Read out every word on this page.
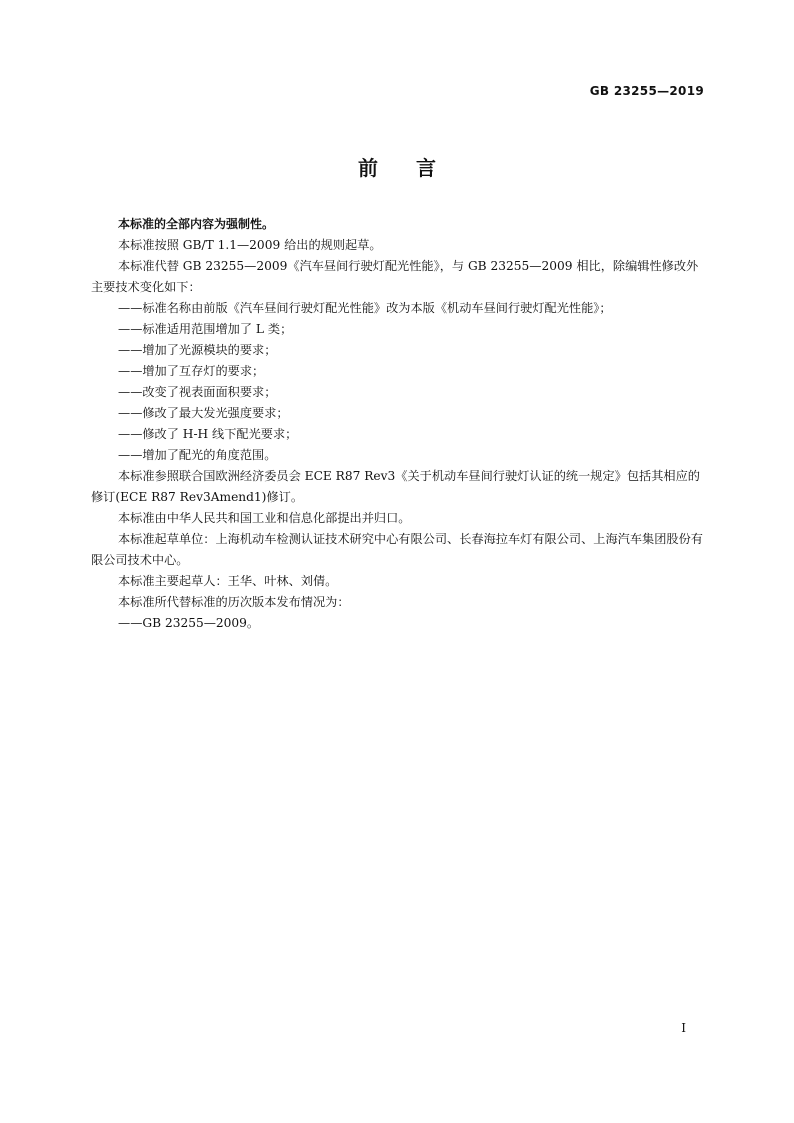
GB 23255—2019
前言

本标准的全部内容为强制性。

本标准按照 GB/T 1.1—2009 给出的规则起草。

本标准代替 GB 23255—2009《汽车昼间行驶灯配光性能》，与 GB 23255—2009 相比，除编辑性修改外主要技术变化如下：

——标准名称由前版《汽车昼间行驶灯配光性能》改为本版《机动车昼间行驶灯配光性能》；

——标准适用范围增加了 L 类；

——增加了光源模块的要求；

——增加了互存灯的要求；

——改变了视表面面积要求；

——修改了最大发光强度要求；

——修改了 H-H 线下配光要求；

——增加了配光的角度范围。

本标准参照联合国欧洲经济委员会 ECE R87 Rev3《关于机动车昼间行驶灯认证的统一规定》包括其相应的修订(ECE R87 Rev3Amend1)修订。

本标准由中华人民共和国工业和信息化部提出并归口。

本标准起草单位：上海机动车检测认证技术研究中心有限公司、长春海拉车灯有限公司、上海汽车集团股份有限公司技术中心。

本标准主要起草人：王华、叶林、刘倩。

本标准所代替标准的历次版本发布情况为：

——GB 23255—2009。

I
